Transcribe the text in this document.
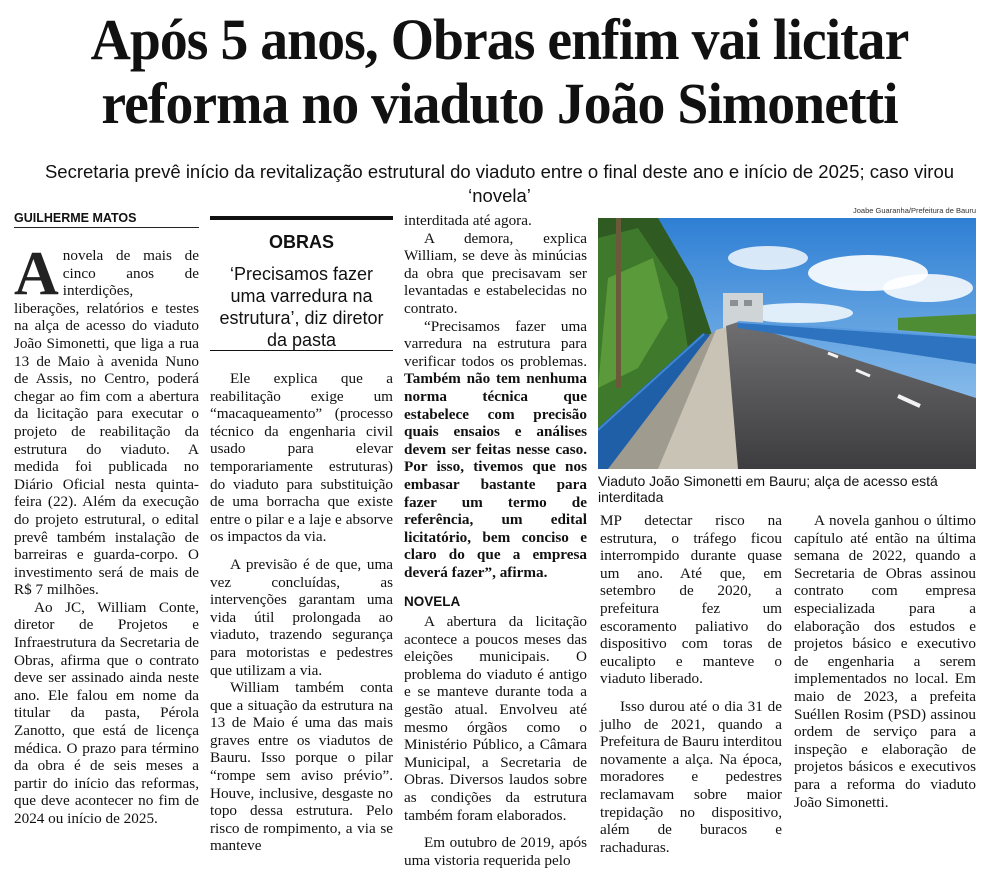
Após 5 anos, Obras enfim vai licitar
reforma no viaduto João Simonetti
Secretaria prevê início da revitalização estrutural do viaduto entre o final deste ano e início de 2025; caso virou ‘novela’
GUILHERME MATOS

Anovela de mais de cinco anos de interdições, liberações, relatórios e testes na alça de acesso do viaduto João Simonetti, que liga a rua 13 de Maio à avenida Nuno de Assis, no Centro, poderá chegar ao fim com a abertura da licitação para executar o projeto de reabilitação da estrutura do viaduto. A medida foi publicada no Diário Oficial nesta quinta-feira (22). Além da execução do projeto estrutural, o edital prevê também instalação de barreiras e guarda-corpo. O investimento será de mais de R$ 7 milhões.

Ao JC, William Conte, diretor de Projetos e Infraestrutura da Secretaria de Obras, afirma que o contrato deve ser assinado ainda neste ano. Ele falou em nome da titular da pasta, Pérola Zanotto, que está de licença médica. O prazo para término da obra é de seis meses a partir do início das reformas, que deve acontecer no fim de 2024 ou início de 2025.

OBRAS
‘Precisamos fazer uma varredura na estrutura’, diz diretor da pasta

Ele explica que a reabilitação exige um “macaqueamento” (processo técnico da engenharia civil usado para elevar temporariamente estruturas) do viaduto para substituição de uma borracha que existe entre o pilar e a laje e absorve os impactos da via.

A previsão é de que, uma vez concluídas, as intervenções garantam uma vida útil prolongada ao viaduto, trazendo segurança para motoristas e pedestres que utilizam a via.

William também conta que a situação da estrutura na 13 de Maio é uma das mais graves entre os viadutos de Bauru. Isso porque o pilar “rompe sem aviso prévio”. Houve, inclusive, desgaste no topo dessa estrutura. Pelo risco de rompimento, a via se manteve

interditada até agora.

A demora, explica William, se deve às minúcias da obra que precisavam ser levantadas e estabelecidas no contrato.

“Precisamos fazer uma varredura na estrutura para verificar todos os problemas. Também não tem nenhuma norma técnica que estabelece com precisão quais ensaios e análises devem ser feitas nesse caso. Por isso, tivemos que nos embasar bastante para fazer um termo de referência, um edital licitatório, bem conciso e claro do que a empresa deverá fazer”, afirma.

NOVELA

A abertura da licitação acontece a poucos meses das eleições municipais. O problema do viaduto é antigo e se manteve durante toda a gestão atual. Envolveu até mesmo órgãos como o Ministério Público, a Câmara Municipal, a Secretaria de Obras. Diversos laudos sobre as condições da estrutura também foram elaborados.

Em outubro de 2019, após uma vistoria requerida pelo

Joabe Guaranha/Prefeitura de Bauru
Viaduto João Simonetti em Bauru; alça de acesso está interditada

MP detectar risco na estrutura, o tráfego ficou interrompido durante quase um ano. Até que, em setembro de 2020, a prefeitura fez um escoramento paliativo do dispositivo com toras de eucalipto e manteve o viaduto liberado.

Isso durou até o dia 31 de julho de 2021, quando a Prefeitura de Bauru interditou novamente a alça. Na época, moradores e pedestres reclamavam sobre maior trepidação no dispositivo, além de buracos e rachaduras.

A novela ganhou o último capítulo até então na última semana de 2022, quando a Secretaria de Obras assinou contrato com empresa especializada para a elaboração dos estudos e projetos básico e executivo de engenharia a serem implementados no local. Em maio de 2023, a prefeita Suéllen Rosim (PSD) assinou ordem de serviço para a inspeção e elaboração de projetos básicos e executivos para a reforma do viaduto João Simonetti.
